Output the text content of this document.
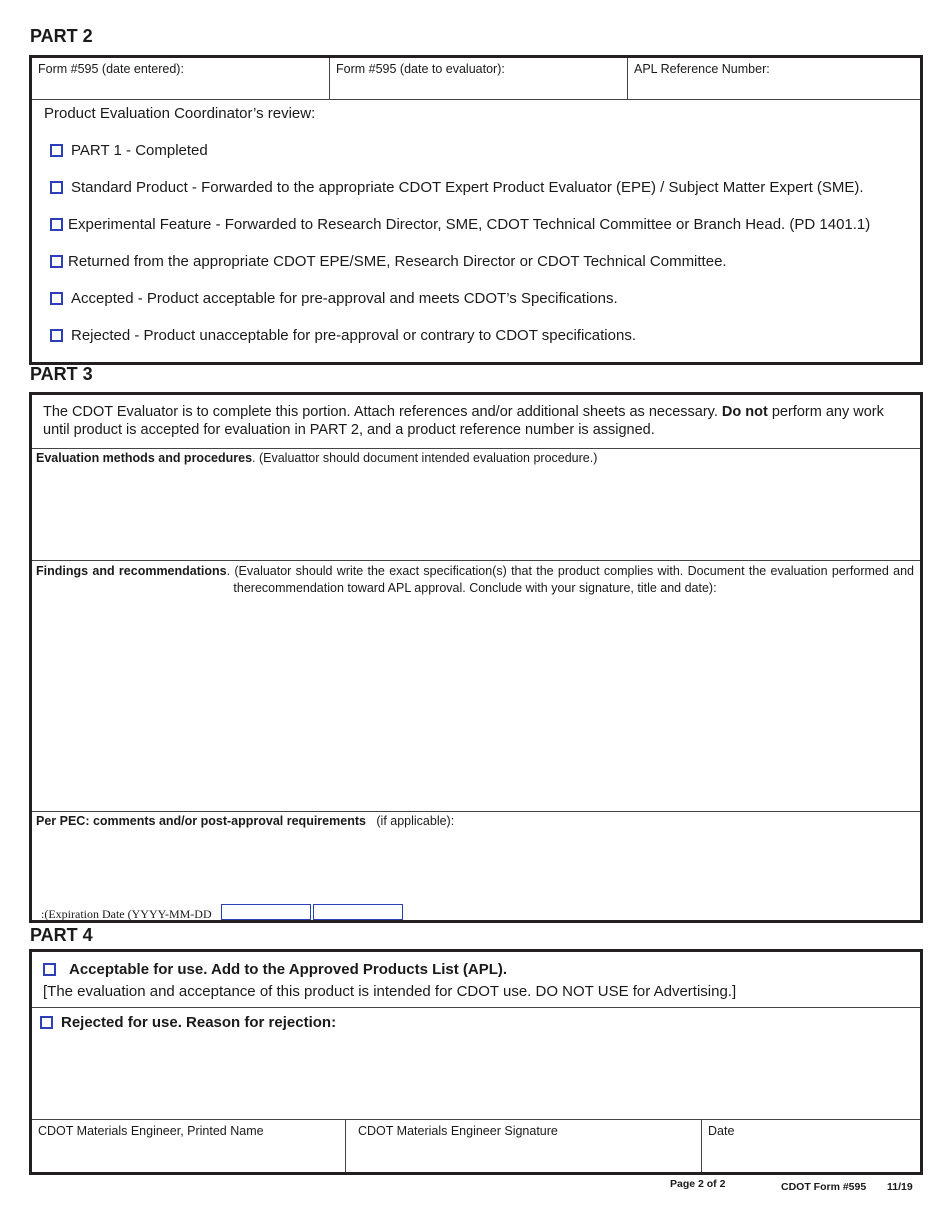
PART 2
Form #595 (date entered):	Form #595 (date to evaluator):	APL Reference Number:
Product Evaluation Coordinator’s review:
PART 1 - Completed
Standard Product - Forwarded to the appropriate CDOT Expert Product Evaluator (EPE) / Subject Matter Expert (SME).
Experimental Feature - Forwarded to Research Director, SME, CDOT Technical Committee or Branch Head. (PD 1401.1)
Returned from the appropriate CDOT EPE/SME, Research Director or CDOT Technical Committee.
Accepted - Product acceptable for pre-approval and meets CDOT’s Specifications.
Rejected - Product unacceptable for pre-approval or contrary to CDOT specifications.
PART 3
The CDOT Evaluator is to complete this portion. Attach references and/or additional sheets as necessary. Do not perform any work until product is accepted for evaluation in PART 2, and a product reference number is assigned.
Evaluation methods and procedures. (Evaluattor should document intended evaluation procedure.)
Findings and recommendations. (Evaluator should write the exact specification(s) that the product complies with. Document the evaluation performed and
therecommendation toward APL approval. Conclude with your signature, title and date):
Per PEC: comments and/or post-approval requirements (if applicable):
:(Expiration Date (YYYY-MM-DD
PART 4
Acceptable for use. Add to the Approved Products List (APL).
[The evaluation and acceptance of this product is intended for CDOT use. DO NOT USE for Advertising.]
Rejected for use. Reason for rejection:
CDOT Materials Engineer, Printed Name	CDOT Materials Engineer Signature	Date
Page 2 of 2	CDOT Form #595 11/19
